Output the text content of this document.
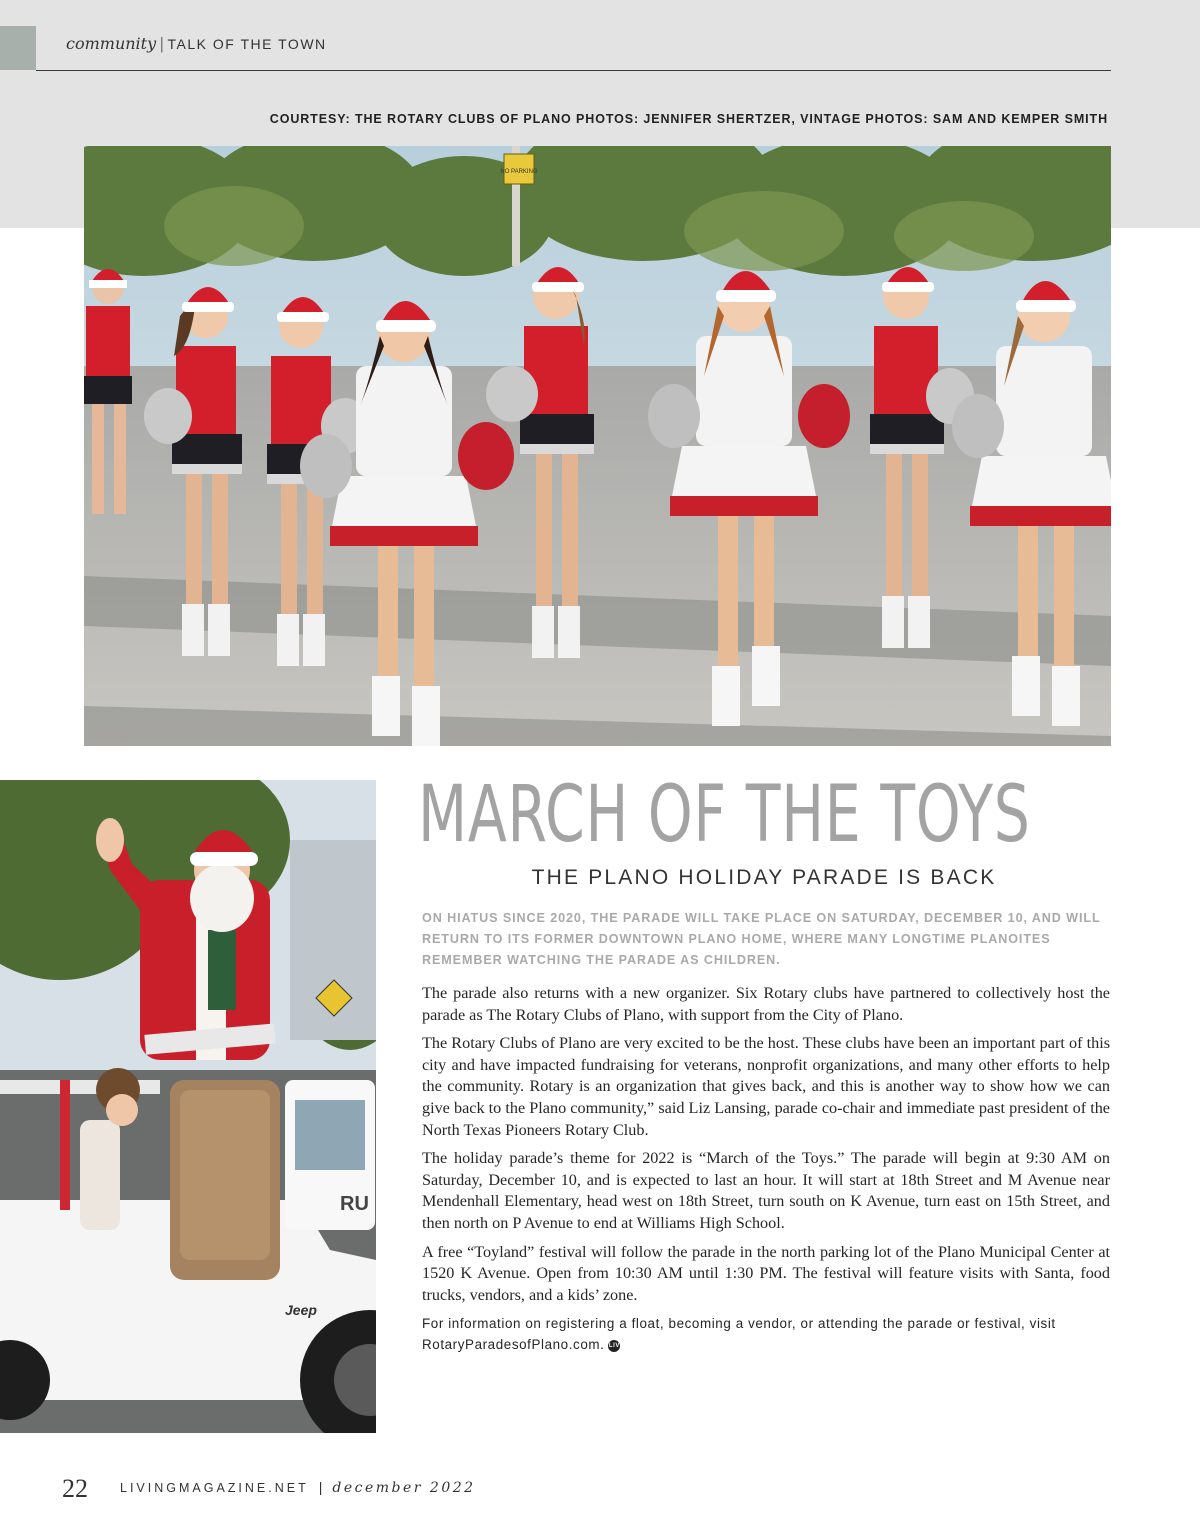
community | TALK OF THE TOWN
COURTESY: THE ROTARY CLUBS OF PLANO PHOTOS: JENNIFER SHERTZER, VINTAGE PHOTOS: SAM AND KEMPER SMITH
NO PARKING
RU
Jeep
MARCH OF THE TOYS
THE PLANO HOLIDAY PARADE IS BACK
ON HIATUS SINCE 2020, THE PARADE WILL TAKE PLACE ON SATURDAY, DECEMBER 10, AND WILL RETURN TO ITS FORMER DOWNTOWN PLANO HOME, WHERE MANY LONGTIME PLANOITES REMEMBER WATCHING THE PARADE AS CHILDREN.

The parade also returns with a new organizer. Six Rotary clubs have partnered to collectively host the parade as The Rotary Clubs of Plano, with support from the City of Plano.

The Rotary Clubs of Plano are very excited to be the host. These clubs have been an important part of this city and have impacted fundraising for veterans, nonprofit organizations, and many other efforts to help the community. Rotary is an organization that gives back, and this is another way to show how we can give back to the Plano community,” said Liz Lansing, parade co-chair and immediate past president of the North Texas Pioneers Rotary Club.

The holiday parade’s theme for 2022 is “March of the Toys.” The parade will begin at 9:30 AM on Saturday, December 10, and is expected to last an hour. It will start at 18th Street and M Avenue near Mendenhall Elementary, head west on 18th Street, turn south on K Avenue, turn east on 15th Street, and then north on P Avenue to end at Williams High School.

A free “Toyland” festival will follow the parade in the north parking lot of the Plano Municipal Center at 1520 K Avenue. Open from 10:30 AM until 1:30 PM. The festival will feature visits with Santa, food trucks, vendors, and a kids’ zone.

For information on registering a float, becoming a vendor, or attending the parade or festival, visit RotaryParadesofPlano.com. LIV

22	$^{LIVINGMAGAZINE.NET}$ | $^{december 2022}$
